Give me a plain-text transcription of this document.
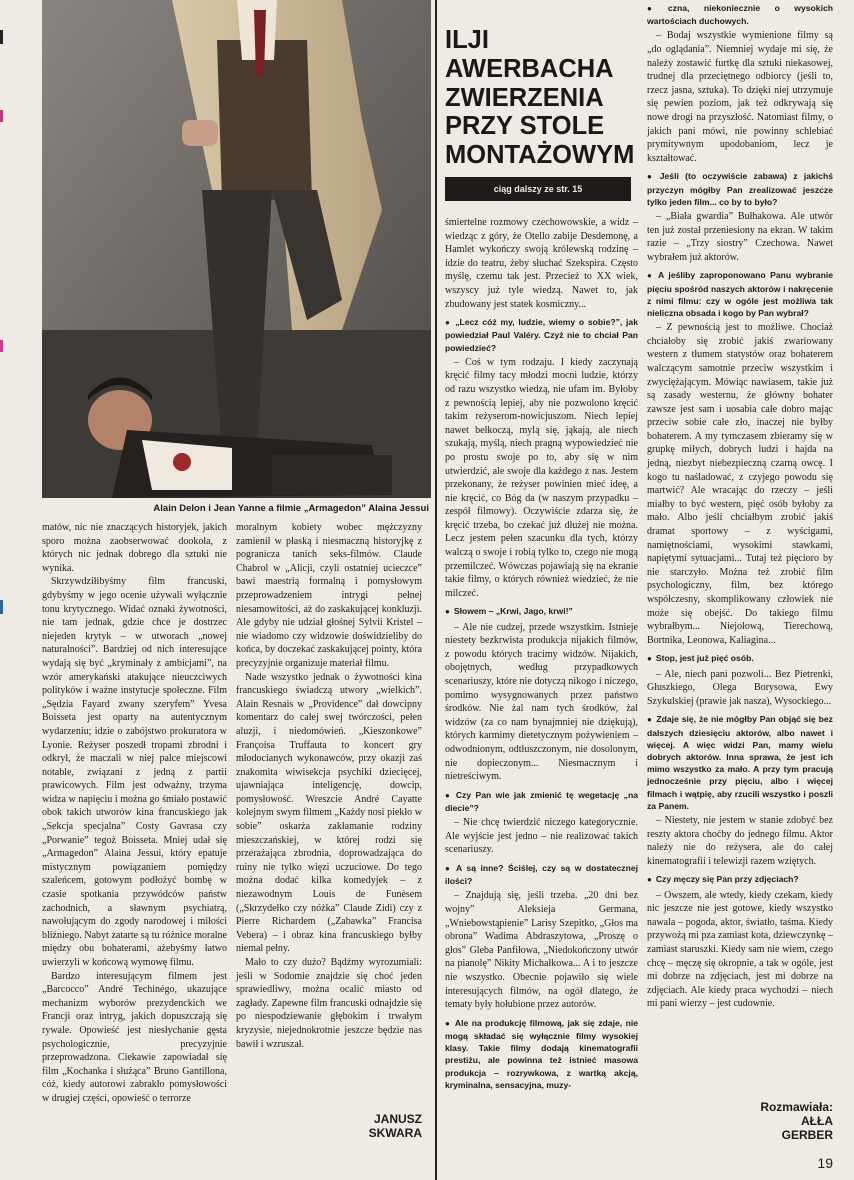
Alain Delon i Jean Yanne a filmie „Armagedon” Alaina Jessui

matów, nic nie znaczących historyjek, jakich sporo można zaobserwować dookoła, z których nic jednak dobrego dla sztuki nie wynika.

Skrzywdziłibyśmy film francuski, gdybyśmy w jego ocenie używali wyłącznie tonu krytycznego. Widać oznaki żywotności, nie tam jednak, gdzie chce je dostrzec niejeden krytyk – w utworach „nowej naturalności”. Bardziej od nich interesujące wydają się być „kryminały z ambicjami”, na wzór amerykański atakujące nieuczciwych polityków i ważne instytucje społeczne. Film „Sędzia Fayard zwany szeryfem” Yvesa Boisseta jest oparty na autentycznym wydarzeniu; idzie o zabójstwo prokuratora w Lyonie. Reżyser poszedł tropami zbrodni i odkrył, że maczali w niej palce miejscowi notable, związani z jedną z partii prawicowych. Film jest odważny, trzyma widza w napięciu i można go śmiało postawić obok takich utworów kina francuskiego jak „Sekcja specjalna” Costy Gavrasa czy „Porwanie” tegoż Boisseta. Mniej udał się „Armagedon” Alaina Jessui, który epatuje mistycznym powiązaniem pomiędzy szaleńcem, gotowym podłożyć bombę w czasie spotkania przywódców państw zachodnich, a sławnym psychiatrą, nawołującym do zgody narodowej i miłości bliźniego. Nabyt zatarte są tu różnice moralne między obu bohaterami, ażebyśmy łatwo uwierzyli w końcową wymowę filmu.

Bardzo interesującym filmem jest „Barcocco” André Techinégo, ukazujące mechanizm wyborów prezydenckich we Francji oraz intryg, jakich dopuszczają się rywale. Opowieść jest niesłychanie gęsta psychologicznie, precyzyjnie przeprowadzona. Ciekawie zapowiadał się film „Kochanka i służąca” Bruno Gantillona, cóż, kiedy autorowi zabrakło pomysłowości w drugiej części, opowieść o terrorze

moralnym kobiety wobec mężczyzny zamienił w płaską i niesmaczną historyjkę z pogranicza tanich seks-filmów. Claude Chabrol w „Alicji, czyli ostatniej ucieczce” bawi maestrią formalną i pomysłowym przeprowadzeniem intrygi pełnej niesamowitości, aż do zaskakującej konkluzji. Ale gdyby nie udział głośnej Sylvii Kristel – nie wiadomo czy widzowie doświdzieliby do końca, by doczekać zaskakującej pointy, która precyzyjnie organizuje materiał filmu.

Nade wszystko jednak o żywotności kina francuskiego świadczą utwory „wielkich”. Alain Resnais w „Providence” dał dowcipny komentarz do całej swej twórczości, pełen aluzji, i niedomówień. „Kieszonkowe” Françoisa Truffauta to koncert gry młodocianych wykonawców, przy okazji zaś znakomita wiwisekcja psychiki dziecięcej, ujawniająca inteligencję, dowcip, pomysłowość. Wreszcie André Cayatte kolejnym swym filmem „Każdy nosi piekło w sobie” oskarża zakłamanie rodziny mieszczańskiej, w której rodzi się przerażająca zbrodnia, doprowadzająca do ruiny nie tylko więzi uczuciowe. Do tego można dodać kilka komedyjek – z niezawodnym Louis de Funèsem („Skrzydełko czy nóżka” Claude Zidi) czy z Pierre Richardem („Zabawka” Francisa Vebera) – i obraz kina francuskiego byłby niemal pełny.

Mało to czy dużo? Bądźmy wyrozumiali: jeśli w Sodomie znajdzie się choć jeden sprawiedliwy, można ocalić miasto od zagłady. Zapewne film francuski odnajdzie się po niespodziewanie głębokim i trwałym kryzysie, niejednokrotnie jeszcze będzie nas bawił i wzruszał.

JANUSZ
SKWARA
ILJI AWERBACHA ZWIERZENIA PRZY STOLE MONTAŻOWYM
ciąg dalszy ze str. 15

śmiertelne rozmowy czechowowskie, a widz – wiedząc z góry, że Otello zabije Desdemonę, a Hamlet wykończy swoją królewską rodzinę – idzie do teatru, żeby słuchać Szekspira. Często myślę, czemu tak jest. Przecież to XX wiek, wszyscy już tyle wiedzą. Nawet to, jak zbudowany jest statek kosmiczny...

● „Lecz cóż my, ludzie, wiemy o sobie?”, jak powiedział Paul Valéry. Czyż nie to chciał Pan powiedzieć?

– Coś w tym rodzaju. I kiedy zaczynają kręcić filmy tacy młodzi mocni ludzie, którzy od razu wszystko wiedzą, nie ufam im. Byłoby z pewnością lepiej, aby nie pozwolono kręcić takim reżyserom-nowicjuszom. Niech lepiej nawet bełkoczą, mylą się, jąkają, ale niech szukają, myślą, niech pragną wypowiedzieć nie po prostu swoje po to, aby się w nim utwierdzić, ale swoje dla każdego z nas. Jestem przekonany, że reżyser powinien mieć ideę, a nie kręcić, co Bóg da (w naszym przypadku – zespół filmowy). Oczywiście zdarza się, że kręcić trzeba, bo czekać już dłużej nie można. Lecz jestem pełen szacunku dla tych, którzy walczą o swoje i robią tylko to, czego nie mogą przemilczeć. Wówczas pojawiają się na ekranie takie filmy, o których również wiedzieć, że nie milczeć.

● Słowem – „Krwi, Jago, krwi!”

– Ale nie cudzej, przede wszystkim. Istnieje niestety bezkrwista produkcja nijakich filmów, z powodu których tracimy widzów. Nijakich, obojętnych, według przypadkowych scenariuszy, które nie dotyczą nikogo i niczego, pomimo wysygnowanych przez państwo środków. Nie żal nam tych środków, żal widzów (za co nam bynajmniej nie dziękują), których karmimy dietetycznym pożywieniem – odwodnionym, odtłuszczonym, nie dosolonym, nie dopieczonym... Niesmacznym i nietreściwym.

● Czy Pan wie jak zmienić tę wegetację „na diecie”?

– Nie chcę twierdzić niczego kategorycznie. Ale wyjście jest jedno – nie realizować takich scenariuszy.

● A są inne? Ściślej, czy są w dostatecznej ilości?

– Znajdują się, jeśli trzeba. „20 dni bez wojny” Aleksieja Germana, „Wniebowstąpienie” Larisy Szepitko, „Głos ma obrona” Wadima Abdraszytowa, „Proszę o głos” Gleba Panfiłowa, „Niedokończony utwór na pianolę” Nikity Michałkowa... A i to jeszcze nie wszystko. Obecnie pojawiło się wiele interesujących filmów, na ogół dlatego, że tematy były hołubione przez autorów.

● Ale na produkcję filmową, jak się zdaje, nie mogą składać się wyłącznie filmy wysokiej klasy. Takie filmy dodają kinematografii prestiżu, ale powinna też istnieć masowa produkcja – rozrywkowa, z wartką akcją, kryminalna, sensacyjna, muzy-

● czna, niekoniecznie o wysokich wartościach duchowych.

– Bodaj wszystkie wymienione filmy są „do oglądania”. Niemniej wydaje mi się, że należy zostawić furtkę dla sztuki niekasowej, trudnej dla przeciętnego odbiorcy (jeśli to, rzecz jasna, sztuka). To dzięki niej utrzymuje się pewien poziom, jak też odkrywają się nowe drogi na przyszłość. Natomiast filmy, o jakich pani mówi, nie powinny schlebiać prymitywnym upodobaniom, lecz je kształtować.

● Jeśli (to oczywiście zabawa) z jakichś przyczyn mógłby Pan zrealizować jeszcze tylko jeden film... co by to było?

– „Biała gwardia” Bułhakowa. Ale utwór ten już został przeniesiony na ekran. W takim razie – „Trzy siostry” Czechowa. Nawet wybrałem już aktorów.

● A jeśliby zaproponowano Panu wybranie pięciu spośród naszych aktorów i nakręcenie z nimi filmu: czy w ogóle jest możliwa tak nieliczna obsada i kogo by Pan wybrał?

– Z pewnością jest to możliwe. Chociaż chciałoby się zrobić jakiś zwariowany western z tłumem statystów oraz bohaterem walczącym samotnie przeciw wszystkim i zwyciężającym. Mówiąc nawiasem, takie już są zasady westernu, że główny bohater zawsze jest sam i uosabia całe dobro mając przeciw sobie całe zło, inaczej nie byłby bohaterem. A my tymczasem zbieramy się w grupkę miłych, dobrych ludzi i hajda na jedną, niezbyt niebezpieczną czarną owcę. I kogo tu naśladować, z czyjego powodu się martwić? Ale wracając do rzeczy – jeśli miałby to być western, pięć osób byłoby za mało. Albo jeśli chciałbym zrobić jakiś dramat sportowy – z wyścigami, namiętnościami, wysokimi stawkami, napiętymi sytuacjami... Tutaj też pięciorо by nie starczyło. Można też zrobić film psychologiczny, film, bez którego współczesny, skomplikowany człowiek nie może się obejść. Do takiego filmu wybrałbym... Niejołową, Tierechową, Bortnika, Leonowa, Kaliagina...

● Stop, jest już pięć osób.

– Ale, niech pani pozwoli... Bez Pietrenki, Głuszkiego, Olega Borysowa, Ewy Szykulskiej (prawie jak nasza), Wysockiego...

● Zdaje się, że nie mógłby Pan objąć się bez dalszych dziesięciu aktorów, albo nawet i więcej. A więc widzi Pan, mamy wielu dobrych aktorów. Inna sprawa, że jest ich mimo wszystko za mało. A przy tym pracują jednocześnie przy pięciu, albo i więcej filmach i wątpię, aby rzucili wszystko i poszli za Panem.

– Niestety, nie jestem w stanie zdobyć bez reszty aktora choćby do jednego filmu. Aktor należy nie do reżysera, ale do całej kinematografii i telewizji razem wziętych.

● Czy męczy się Pan przy zdjęciach?

– Owszem, ale wtedy, kiedy czekam, kiedy nic jeszcze nie jest gotowe, kiedy wszystko nawala – pogoda, aktor, światło, taśma. Kiedy przywożą mi pza zamiast kota, dziewczynkę – zamiast staruszki. Kiedy sam nie wiem, czego chcę – męczę się okropnie, a tak w ogóle, jest mi dobrze na zdjęciach, jest mi dobrze na zdjęciach. Ale kiedy praca wychodzi – niech mi pani wierzy – jest cudownie.

Rozmawiała:
AŁŁA
GERBER
19
